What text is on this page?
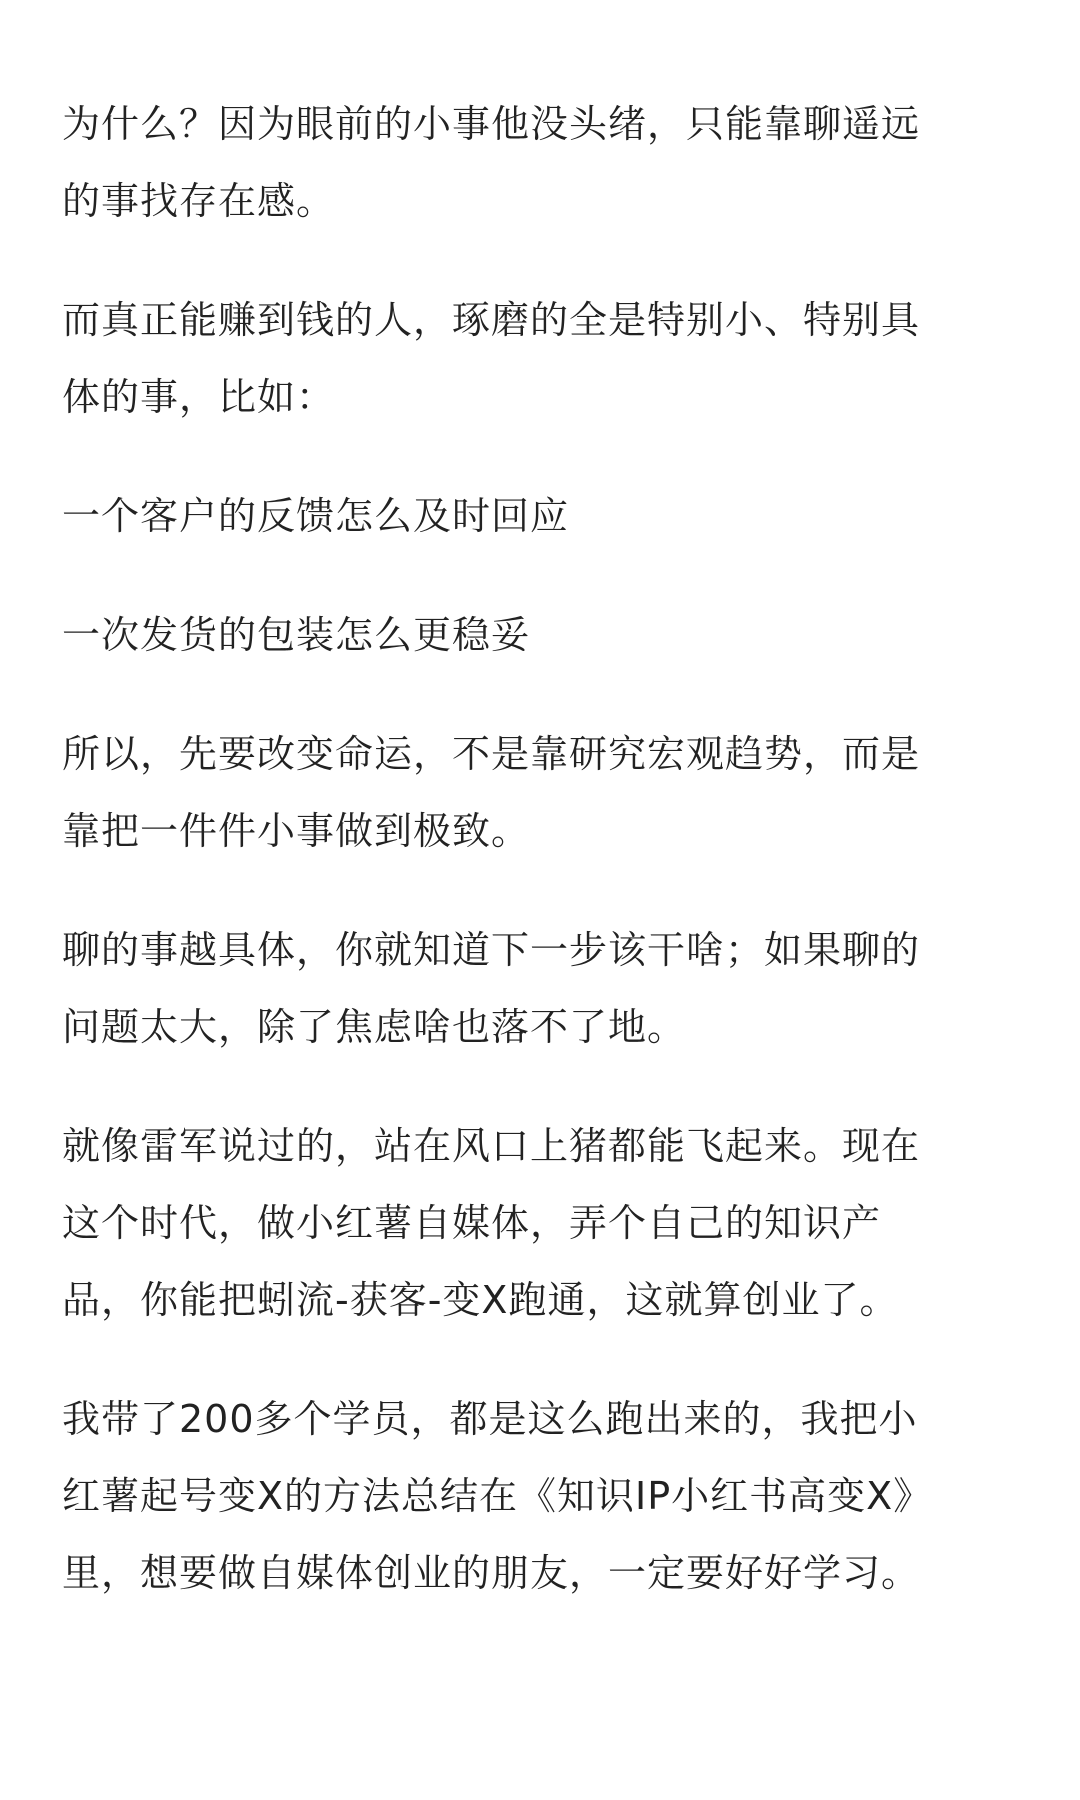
为什么？因为眼前的小事他没头绪，只能靠聊遥远
的事找存在感。

而真正能赚到钱的人，琢磨的全是特别小、特别具
体的事，比如：

一个客户的反馈怎么及时回应

一次发货的包装怎么更稳妥

所以，先要改变命运，不是靠研究宏观趋势，而是
靠把一件件小事做到极致。

聊的事越具体，你就知道下一步该干啥；如果聊的
问题太大，除了焦虑啥也落不了地。

就像雷军说过的，站在风口上猪都能飞起来。现在
这个时代，做小红薯自媒体，弄个自己的知识产
品，你能把蚓流-获客-变X跑通，这就算创业了。

我带了200多个学员，都是这么跑出来的，我把小
红薯起号变X的方法总结在《知识IP小红书高变X》
里，想要做自媒体创业的朋友，一定要好好学习。
